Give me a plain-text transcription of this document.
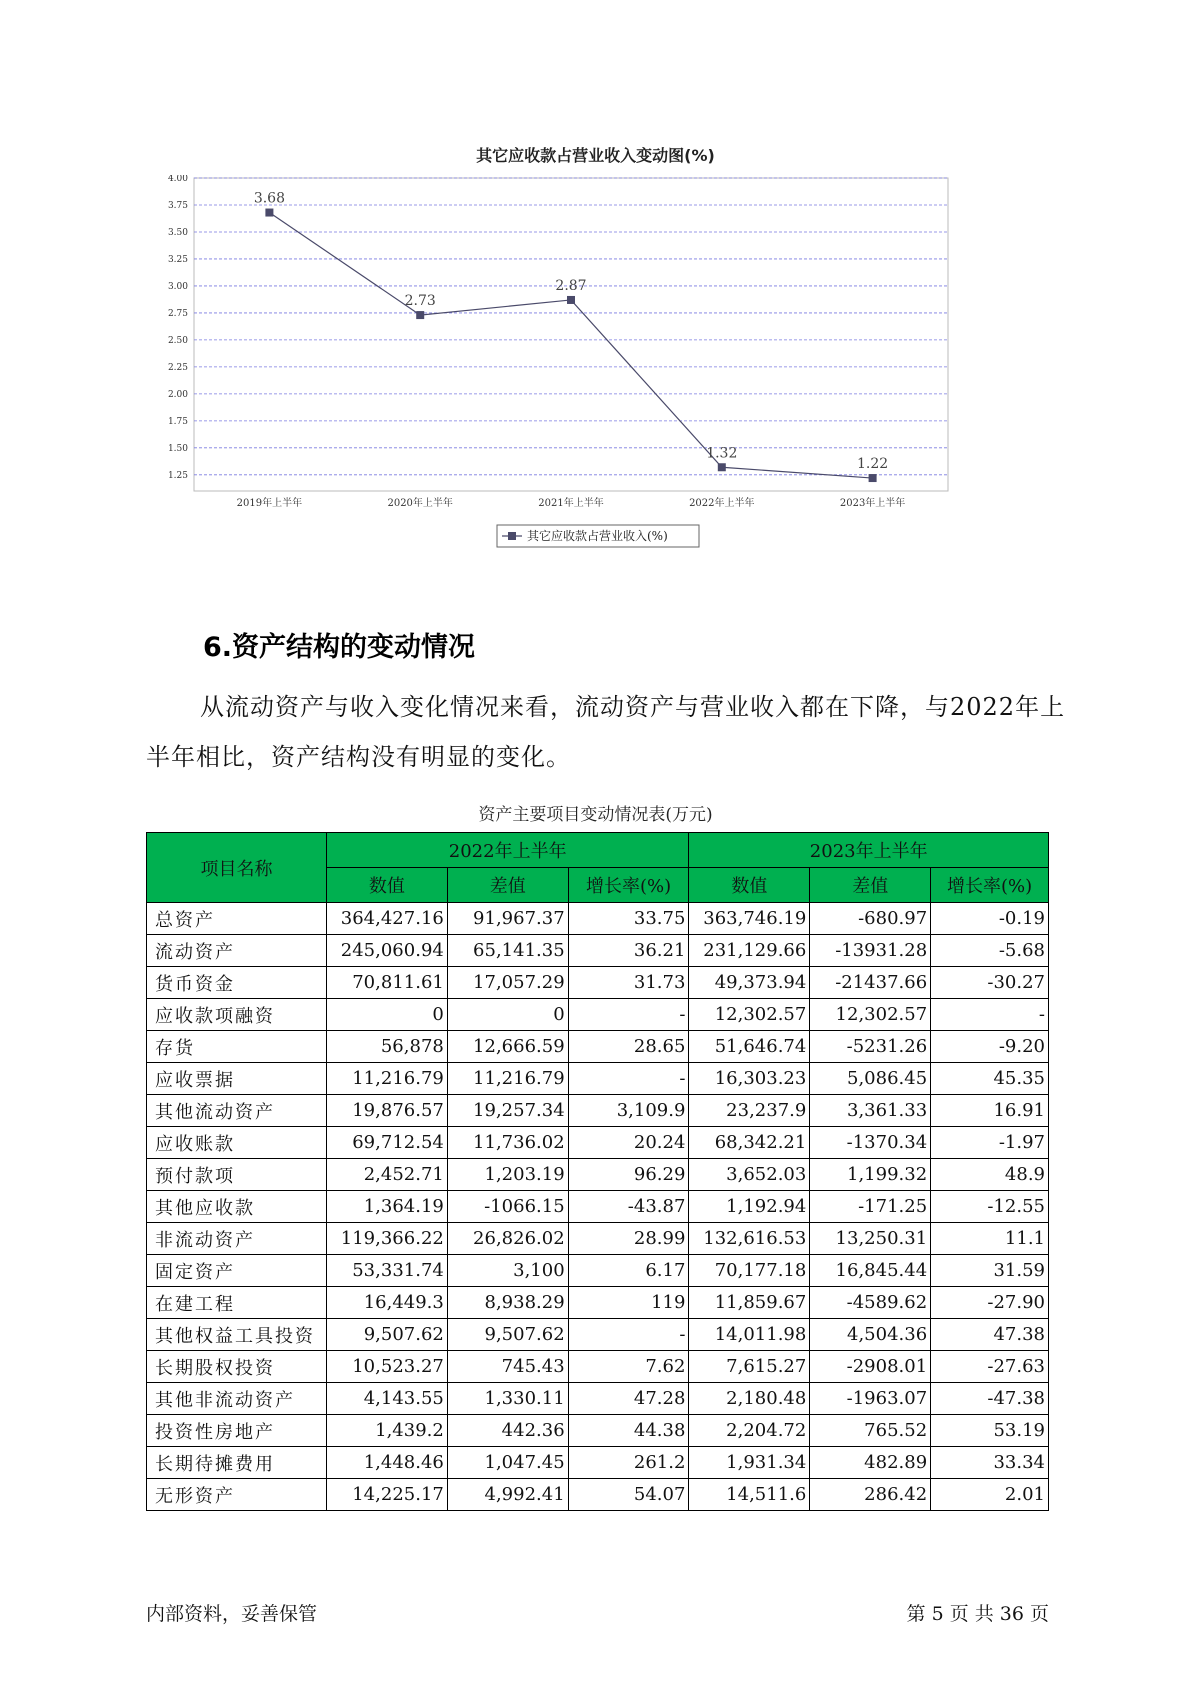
其它应收款占营业收入变动图(%)
1.25
1.50
1.75
2.00
2.25
2.50
2.75
3.00
3.25
3.50
3.75
4.00
2019年上半年	2020年上半年	2021年上半年	2022年上半年	2023年上半年
3.68
2.73
2.87
1.32
1.22
其它应收款占营业收入(%)
6.资产结构的变动情况
从流动资产与收入变化情况来看，流动资产与营业收入都在下降，与2022年上半年相比，资产结构没有明显的变化。
资产主要项目变动情况表(万元)
项目名称	2022年上半年			2023年上半年		
	数值	差值	增长率(%)	数值	差值	增长率(%)
总资产	364,427.16	91,967.37	33.75	363,746.19	-680.97	-0.19
流动资产	245,060.94	65,141.35	36.21	231,129.66	-13931.28	-5.68
货币资金	70,811.61	17,057.29	31.73	49,373.94	-21437.66	-30.27
应收款项融资	0	0	-	12,302.57	12,302.57	-
存货	56,878	12,666.59	28.65	51,646.74	-5231.26	-9.20
应收票据	11,216.79	11,216.79	-	16,303.23	5,086.45	45.35
其他流动资产	19,876.57	19,257.34	3,109.9	23,237.9	3,361.33	16.91
应收账款	69,712.54	11,736.02	20.24	68,342.21	-1370.34	-1.97
预付款项	2,452.71	1,203.19	96.29	3,652.03	1,199.32	48.9
其他应收款	1,364.19	-1066.15	-43.87	1,192.94	-171.25	-12.55
非流动资产	119,366.22	26,826.02	28.99	132,616.53	13,250.31	11.1
固定资产	53,331.74	3,100	6.17	70,177.18	16,845.44	31.59
在建工程	16,449.3	8,938.29	119	11,859.67	-4589.62	-27.90
其他权益工具投资	9,507.62	9,507.62	-	14,011.98	4,504.36	47.38
长期股权投资	10,523.27	745.43	7.62	7,615.27	-2908.01	-27.63
其他非流动资产	4,143.55	1,330.11	47.28	2,180.48	-1963.07	-47.38
投资性房地产	1,439.2	442.36	44.38	2,204.72	765.52	53.19
长期待摊费用	1,448.46	1,047.45	261.2	1,931.34	482.89	33.34
无形资产	14,225.17	4,992.41	54.07	14,511.6	286.42	2.01
内部资料，妥善保管	第 5 页 共 36 页
